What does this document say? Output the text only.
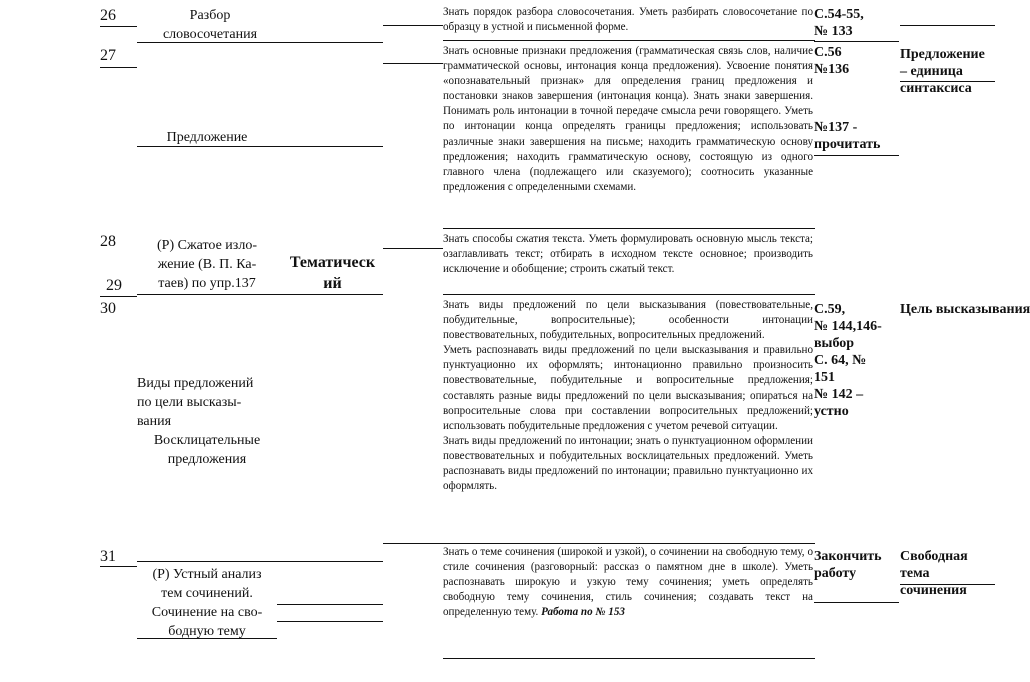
26	Разбор
словосочетания
Знать порядок разбора словосочетания. Уметь разбирать словосочетание по образцу в устной и письменной форме.
С.54-55,
№ 133
27
Предложение
Знать основные признаки предложения (грамматическая связь слов, наличие грамматической основы, интонация конца предложения). Усвоение понятия «опознавательный признак» для определения границ предложения и постановки знаков завершения (интонация конца). Знать знаки завершения. Понимать роль интонации в точной передаче смысла речи говорящего. Уметь по интонации конца определять границы предложения; использовать различные знаки завершения на письме; находить грамматическую основу предложения; находить грамматическую основу, состоящую из одного главного члена (подлежащего или сказуемого); соотносить указанные предложения с определенными схемами.
С.56
№136
№137 -
прочитать
Предложение – единица синтаксиса
28
29
(Р) Сжатое изло-
жение (В. П. Ка-
таев) по упр.137
Тематическ
ий
Знать способы сжатия текста. Уметь формулировать основную мысль текста; озаглавливать текст; отбирать в исходном тексте основное; производить исключение и обобщение; строить сжатый текст.
30
Виды предложений
по цели высказы-
вания
Восклицательные
предложения
Знать виды предложений по цели высказывания (повествовательные, побудительные, вопросительные); особенности интонации повествовательных, побудительных, вопросительных предложений.
Уметь распознавать виды предложений по цели высказывания и правильно пунктуационно их оформлять; интонационно правильно произносить повествовательные, побудительные и вопросительные предложения; составлять разные виды предложений по цели высказывания; опираться на вопросительные слова при составлении вопросительных предложений; использовать побудительные предложения с учетом речевой ситуации.
Знать виды предложений по интонации; знать о пунктуационном оформлении повествовательных и побудительных восклицательных предложений. Уметь распознавать виды предложений по интонации; правильно пунктуационно их оформлять.
С.59,
№ 144,146-
выбор
С. 64, №
151
№ 142 –
устно
Цель высказывания
31
(Р) Устный анализ
тем сочинений.
Сочинение на сво-
бодную тему
Знать о теме сочинения (широкой и узкой), о сочинении на свободную тему, о стиле сочинения (разговорный: рассказ о памятном дне в школе). Уметь распознавать широкую и узкую тему сочинения; уметь определять свободную тему сочинения, стиль сочинения; создавать текст на определенную тему. Работа по № 153
Закончить
работу
Свободная тема сочинения
